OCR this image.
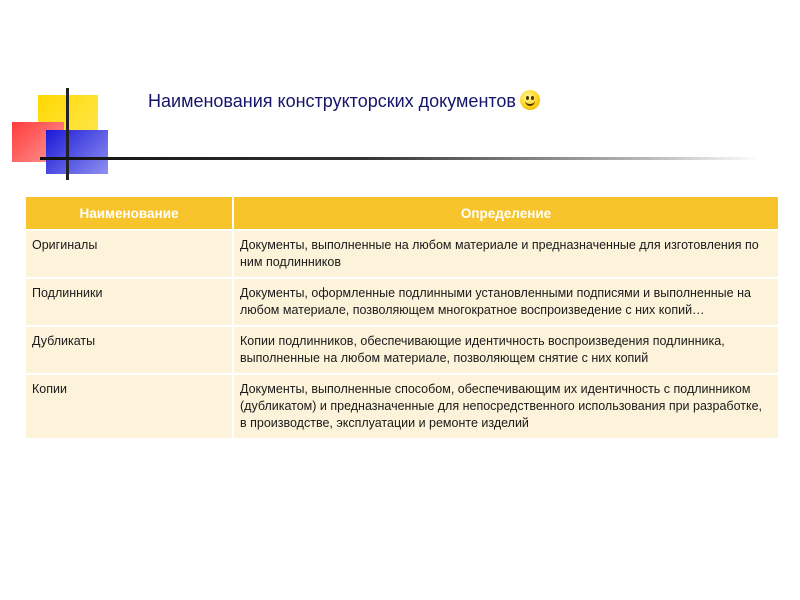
Наименования конструкторских документов
Наименование	Определение
Оригиналы	Документы, выполненные на любом материале и предназначенные для изготовления по ним подлинников
Подлинники	Документы, оформленные подлинными установленными подписями и выполненные на любом материале, позволяющем многократное воспроизведение с них копий…
Дубликаты	Копии подлинников, обеспечивающие идентичность воспроизведения подлинника, выполненные на любом материале, позволяющем снятие с них копий
Копии	Документы, выполненные способом, обеспечивающим их идентичность с подлинником (дубликатом) и предназначенные для непосредственного использования при разработке, в производстве, эксплуатации и ремонте изделий
